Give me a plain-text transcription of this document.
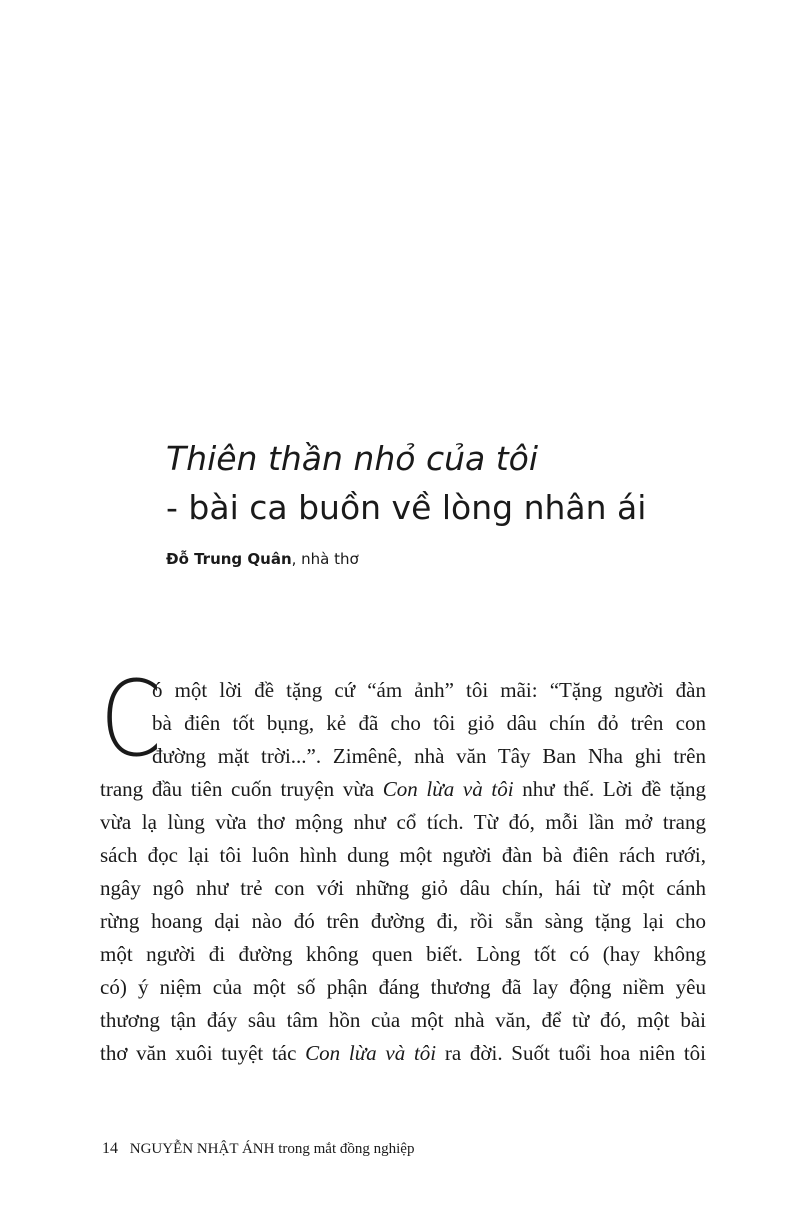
Thiên thần nhỏ của tôi
- bài ca buồn về lòng nhân ái
Đỗ Trung Quân, nhà thơ
C
ó một lời đề tặng cứ “ám ảnh” tôi mãi: “Tặng người đàn
bà điên tốt bụng, kẻ đã cho tôi giỏ dâu chín đỏ trên con
đường mặt trời...”. Zimênê, nhà văn Tây Ban Nha ghi trên
trang đầu tiên cuốn truyện vừa Con lừa và tôi như thế. Lời đề tặng
vừa lạ lùng vừa thơ mộng như cổ tích. Từ đó, mỗi lần mở trang
sách đọc lại tôi luôn hình dung một người đàn bà điên rách rưới,
ngây ngô như trẻ con với những giỏ dâu chín, hái từ một cánh
rừng hoang dại nào đó trên đường đi, rồi sẵn sàng tặng lại cho
một người đi đường không quen biết. Lòng tốt có (hay không
có) ý niệm của một số phận đáng thương đã lay động niềm yêu
thương tận đáy sâu tâm hồn của một nhà văn, để từ đó, một bài
thơ văn xuôi tuyệt tác Con lừa và tôi ra đời. Suốt tuổi hoa niên tôi
14 NGUYỄN NHẬT ÁNH trong mắt đồng nghiệp
